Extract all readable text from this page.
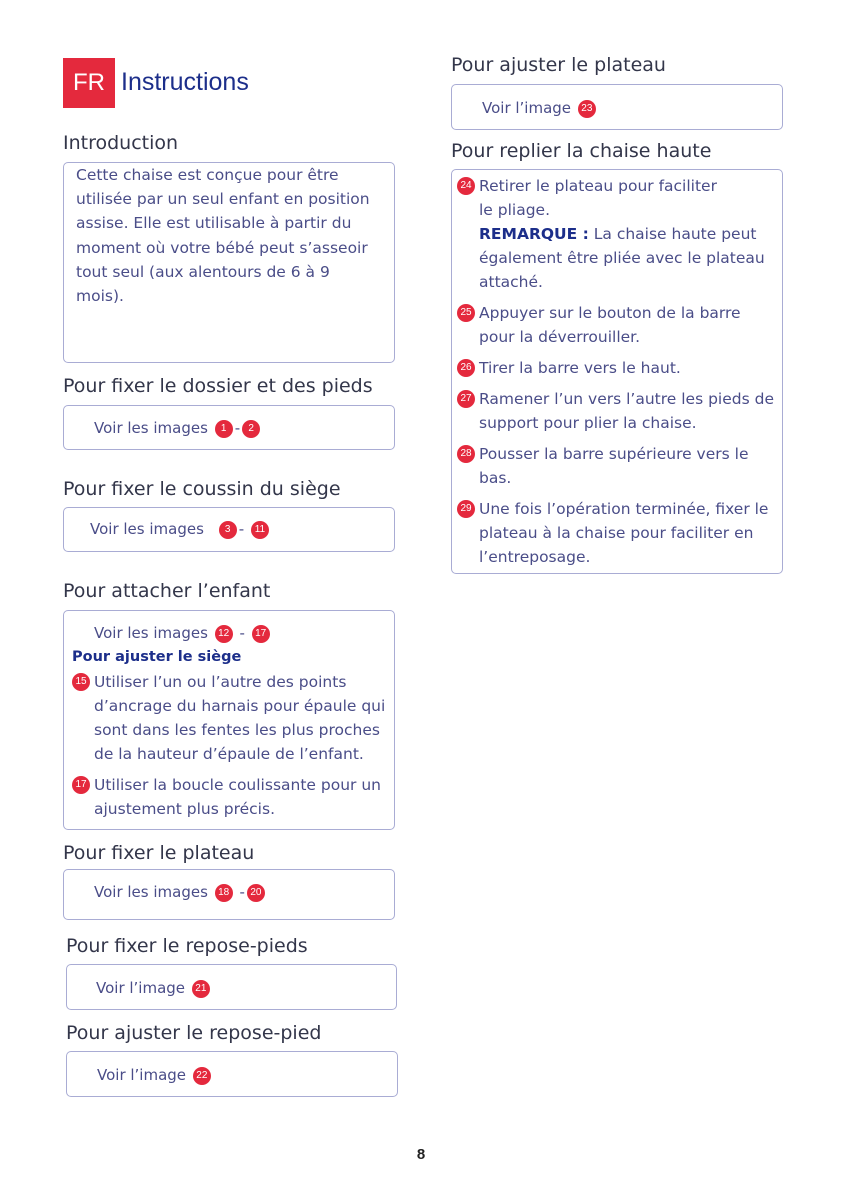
FR Instructions
Introduction
Cette chaise est conçue pour être
utilisée par un seul enfant en position
assise. Elle est utilisable à partir du
moment où votre bébé peut s’asseoir
tout seul (aux alentours de 6 à 9
mois).
Pour fixer le dossier et des pieds
Voir les images 1 - 2
Pour fixer le coussin du siège
Voir les images 3 - 11
Pour attacher l’enfant
Voir les images 12 - 17
Pour ajuster le siège
15 Utiliser l’un ou l’autre des points
d’ancrage du harnais pour épaule qui
sont dans les fentes les plus proches
de la hauteur d’épaule de l’enfant.
17 Utiliser la boucle coulissante pour un
ajustement plus précis.
Pour fixer le plateau
Voir les images 18 - 20
Pour fixer le repose-pieds
Voir l’image 21
Pour ajuster le repose-pied
Voir l’image 22
Pour ajuster le plateau
Voir l’image 23
Pour replier la chaise haute
24 Retirer le plateau pour faciliter
le pliage.
REMARQUE : La chaise haute peut
également être pliée avec le plateau
attaché.
25 Appuyer sur le bouton de la barre
pour la déverrouiller.
26 Tirer la barre vers le haut.
27 Ramener l’un vers l’autre les pieds de
support pour plier la chaise.
28 Pousser la barre supérieure vers le
bas.
29 Une fois l’opération terminée, fixer le
plateau à la chaise pour faciliter en
l’entreposage.
8
